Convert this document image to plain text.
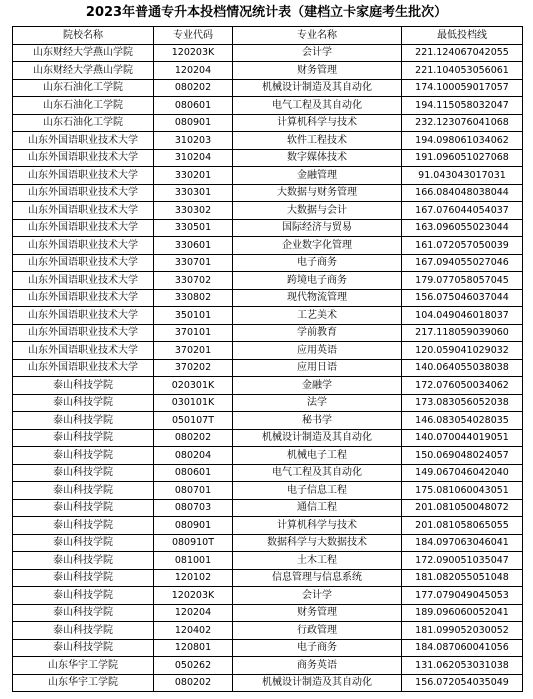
2023年普通专升本投档情况统计表（建档立卡家庭考生批次）
院校名称	专业代码	专业名称	最低投档线
山东财经大学燕山学院	120203K	会计学	221.124067042055
山东财经大学燕山学院	120204	财务管理	221.104053056061
山东石油化工学院	080202	机械设计制造及其自动化	174.100059017057
山东石油化工学院	080601	电气工程及其自动化	194.115058032047
山东石油化工学院	080901	计算机科学与技术	232.123076041068
山东外国语职业技术大学	310203	软件工程技术	194.098061034062
山东外国语职业技术大学	310204	数字媒体技术	191.096051027068
山东外国语职业技术大学	330201	金融管理	91.043043017031
山东外国语职业技术大学	330301	大数据与财务管理	166.084048038044
山东外国语职业技术大学	330302	大数据与会计	167.076044054037
山东外国语职业技术大学	330501	国际经济与贸易	163.096055023044
山东外国语职业技术大学	330601	企业数字化管理	161.072057050039
山东外国语职业技术大学	330701	电子商务	167.094055027046
山东外国语职业技术大学	330702	跨境电子商务	179.077058057045
山东外国语职业技术大学	330802	现代物流管理	156.075046037044
山东外国语职业技术大学	350101	工艺美术	104.049046018037
山东外国语职业技术大学	370101	学前教育	217.118059039060
山东外国语职业技术大学	370201	应用英语	120.059041029032
山东外国语职业技术大学	370202	应用日语	140.064055038038
泰山科技学院	020301K	金融学	172.076050034062
泰山科技学院	030101K	法学	173.083056052038
泰山科技学院	050107T	秘书学	146.083054028035
泰山科技学院	080202	机械设计制造及其自动化	140.070044019051
泰山科技学院	080204	机械电子工程	150.069048024057
泰山科技学院	080601	电气工程及其自动化	149.067046042040
泰山科技学院	080701	电子信息工程	175.081060043051
泰山科技学院	080703	通信工程	201.081050048072
泰山科技学院	080901	计算机科学与技术	201.081058065055
泰山科技学院	080910T	数据科学与大数据技术	184.097063046041
泰山科技学院	081001	土木工程	172.090051035047
泰山科技学院	120102	信息管理与信息系统	181.082055051048
泰山科技学院	120203K	会计学	177.079049045053
泰山科技学院	120204	财务管理	189.096060052041
泰山科技学院	120402	行政管理	181.099052030052
泰山科技学院	120801	电子商务	184.087060041056
山东华宇工学院	050262	商务英语	131.062053031038
山东华宇工学院	080202	机械设计制造及其自动化	156.072054035049
